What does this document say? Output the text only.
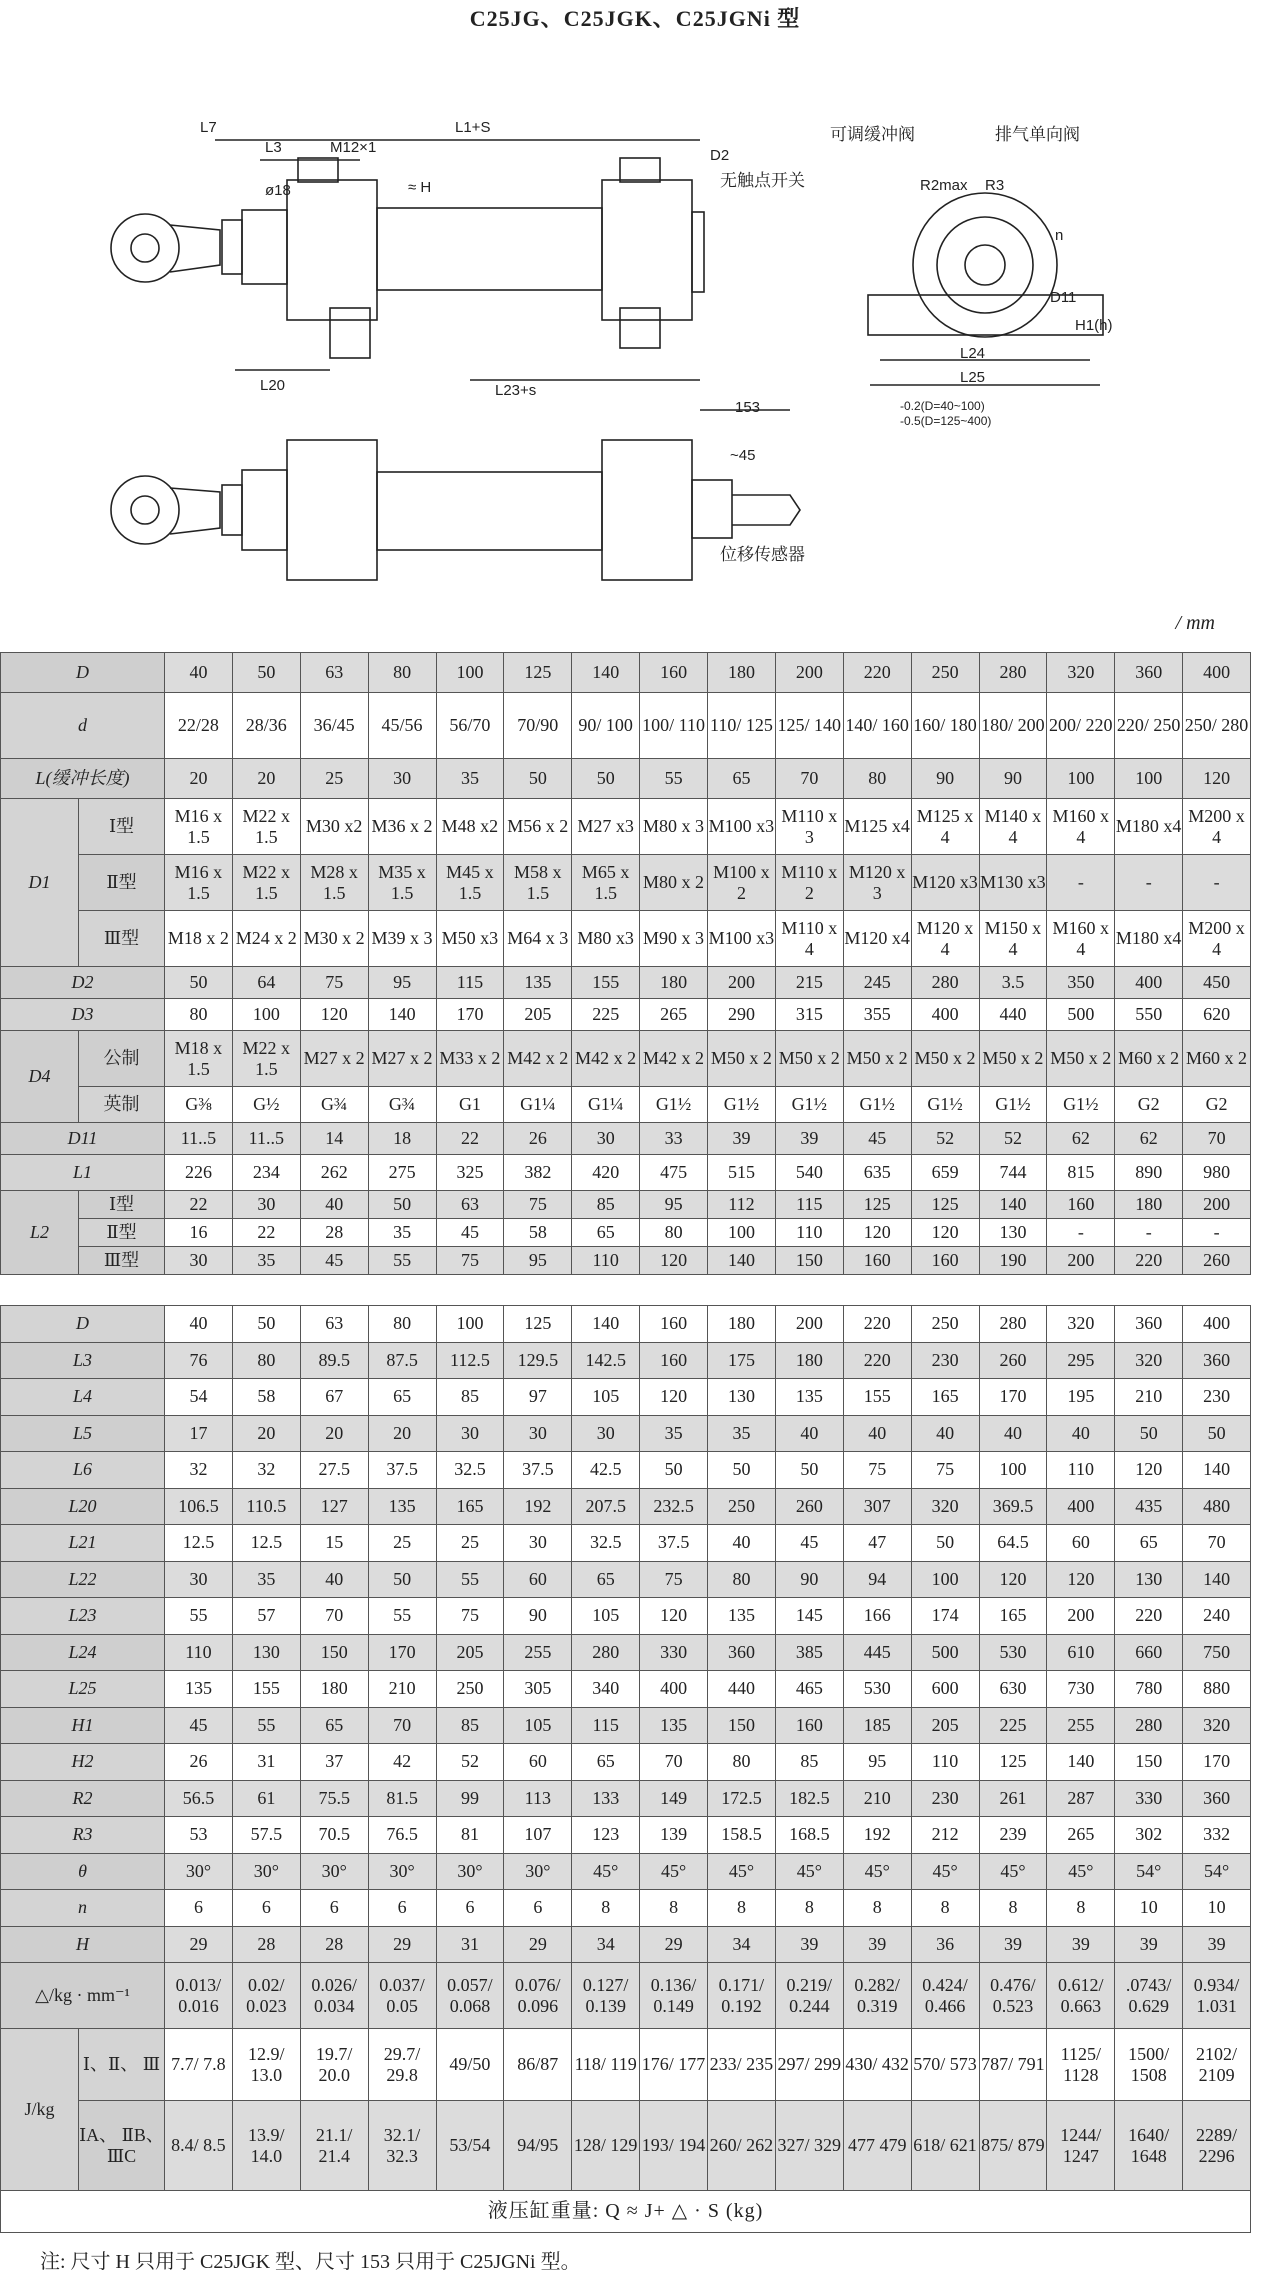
C25JG、C25JGK、C25JGNi 型
L7
L3	M12×1
L1+S
D2
无触点开关
ø18	≈ H
L20	L23+s
153
~45
位移传感器
可调缓冲阀	排气单向阀
R2max R3
n
D11
H1(h)
L24
L25
-0.2(D=40~100)
-0.5(D=125~400)
/ mm
D		40	50	63	80	100	125	140	160	180	200	220	250	280	320	360	400
d		22/28	28/36	36/45	45/56	56/70	70/90	90/ 100	100/ 110	110/ 125	125/ 140	140/ 160	160/ 180	180/ 200	200/ 220	220/ 250	250/ 280
L(缓冲长度)		20	20	25	30	35	50	50	55	65	70	80	90	90	100	100	120
D1	Ⅰ型	M16 x 1.5	M22 x 1.5	M30 x2	M36 x 2	M48 x2	M56 x 2	M27 x3	M80 x 3	M100 x3	M110 x 3	M125 x4	M125 x 4	M140 x 4	M160 x 4	M180 x4	M200 x 4
	Ⅱ型	M16 x 1.5	M22 x 1.5	M28 x 1.5	M35 x 1.5	M45 x 1.5	M58 x 1.5	M65 x 1.5	M80 x 2	M100 x 2	M110 x 2	M120 x 3	M120 x3	M130 x3	-	-	-
	Ⅲ型	M18 x 2	M24 x 2	M30 x 2	M39 x 3	M50 x3	M64 x 3	M80 x3	M90 x 3	M100 x3	M110 x 4	M120 x4	M120 x 4	M150 x 4	M160 x 4	M180 x4	M200 x 4
D2		50	64	75	95	115	135	155	180	200	215	245	280	3.5	350	400	450
D3		80	100	120	140	170	205	225	265	290	315	355	400	440	500	550	620
D4	公制	M18 x 1.5	M22 x 1.5	M27 x 2	M27 x 2	M33 x 2	M42 x 2	M42 x 2	M42 x 2	M50 x 2	M50 x 2	M50 x 2	M50 x 2	M50 x 2	M50 x 2	M60 x 2	M60 x 2
	英制	G⅜	G½	G¾	G¾	G1	G1¼	G1¼	G1½	G1½	G1½	G1½	G1½	G1½	G1½	G2	G2
D11		11..5	11..5	14	18	22	26	30	33	39	39	45	52	52	62	62	70
L1		226	234	262	275	325	382	420	475	515	540	635	659	744	815	890	980
L2	Ⅰ型	22	30	40	50	63	75	85	95	112	115	125	125	140	160	180	200
	Ⅱ型	16	22	28	35	45	58	65	80	100	110	120	120	130	-	-	-
	Ⅲ型	30	35	45	55	75	95	110	120	140	150	160	160	190	200	220	260
D		40	50	63	80	100	125	140	160	180	200	220	250	280	320	360	400
L3		76	80	89.5	87.5	112.5	129.5	142.5	160	175	180	220	230	260	295	320	360
L4		54	58	67	65	85	97	105	120	130	135	155	165	170	195	210	230
L5		17	20	20	20	30	30	30	35	35	40	40	40	40	40	50	50
L6		32	32	27.5	37.5	32.5	37.5	42.5	50	50	50	75	75	100	110	120	140
L20		106.5	110.5	127	135	165	192	207.5	232.5	250	260	307	320	369.5	400	435	480
L21		12.5	12.5	15	25	25	30	32.5	37.5	40	45	47	50	64.5	60	65	70
L22		30	35	40	50	55	60	65	75	80	90	94	100	120	120	130	140
L23		55	57	70	55	75	90	105	120	135	145	166	174	165	200	220	240
L24		110	130	150	170	205	255	280	330	360	385	445	500	530	610	660	750
L25		135	155	180	210	250	305	340	400	440	465	530	600	630	730	780	880
H1		45	55	65	70	85	105	115	135	150	160	185	205	225	255	280	320
H2		26	31	37	42	52	60	65	70	80	85	95	110	125	140	150	170
R2		56.5	61	75.5	81.5	99	113	133	149	172.5	182.5	210	230	261	287	330	360
R3		53	57.5	70.5	76.5	81	107	123	139	158.5	168.5	192	212	239	265	302	332
θ		30°	30°	30°	30°	30°	30°	45°	45°	45°	45°	45°	45°	45°	45°	54°	54°
n		6	6	6	6	6	6	8	8	8	8	8	8	8	8	10	10
H		29	28	28	29	31	29	34	29	34	39	39	36	39	39	39	39
△/kg · mm⁻¹		0.013/ 0.016	0.02/ 0.023	0.026/ 0.034	0.037/ 0.05	0.057/ 0.068	0.076/ 0.096	0.127/ 0.139	0.136/ 0.149	0.171/ 0.192	0.219/ 0.244	0.282/ 0.319	0.424/ 0.466	0.476/ 0.523	0.612/ 0.663	.0743/ 0.629	0.934/ 1.031
J/kg	Ⅰ、Ⅱ、 Ⅲ	7.7/ 7.8	12.9/ 13.0	19.7/ 20.0	29.7/ 29.8	49/50	86/87	118/ 119	176/ 177	233/ 235	297/ 299	430/ 432	570/ 573	787/ 791	1125/ 1128	1500/ 1508	2102/ 2109
	ⅠA、 ⅡB、 ⅢC	8.4/ 8.5	13.9/ 14.0	21.1/ 21.4	32.1/ 32.3	53/54	94/95	128/ 129	193/ 194	260/ 262	327/ 329	477 479	618/ 621	875/ 879	1244/ 1247	1640/ 1648	2289/ 2296
液压缸重量: Q ≈ J+ △ · S (kg)																	
注: 尺寸 H 只用于 C25JGK 型、尺寸 153 只用于 C25JGNi 型。
